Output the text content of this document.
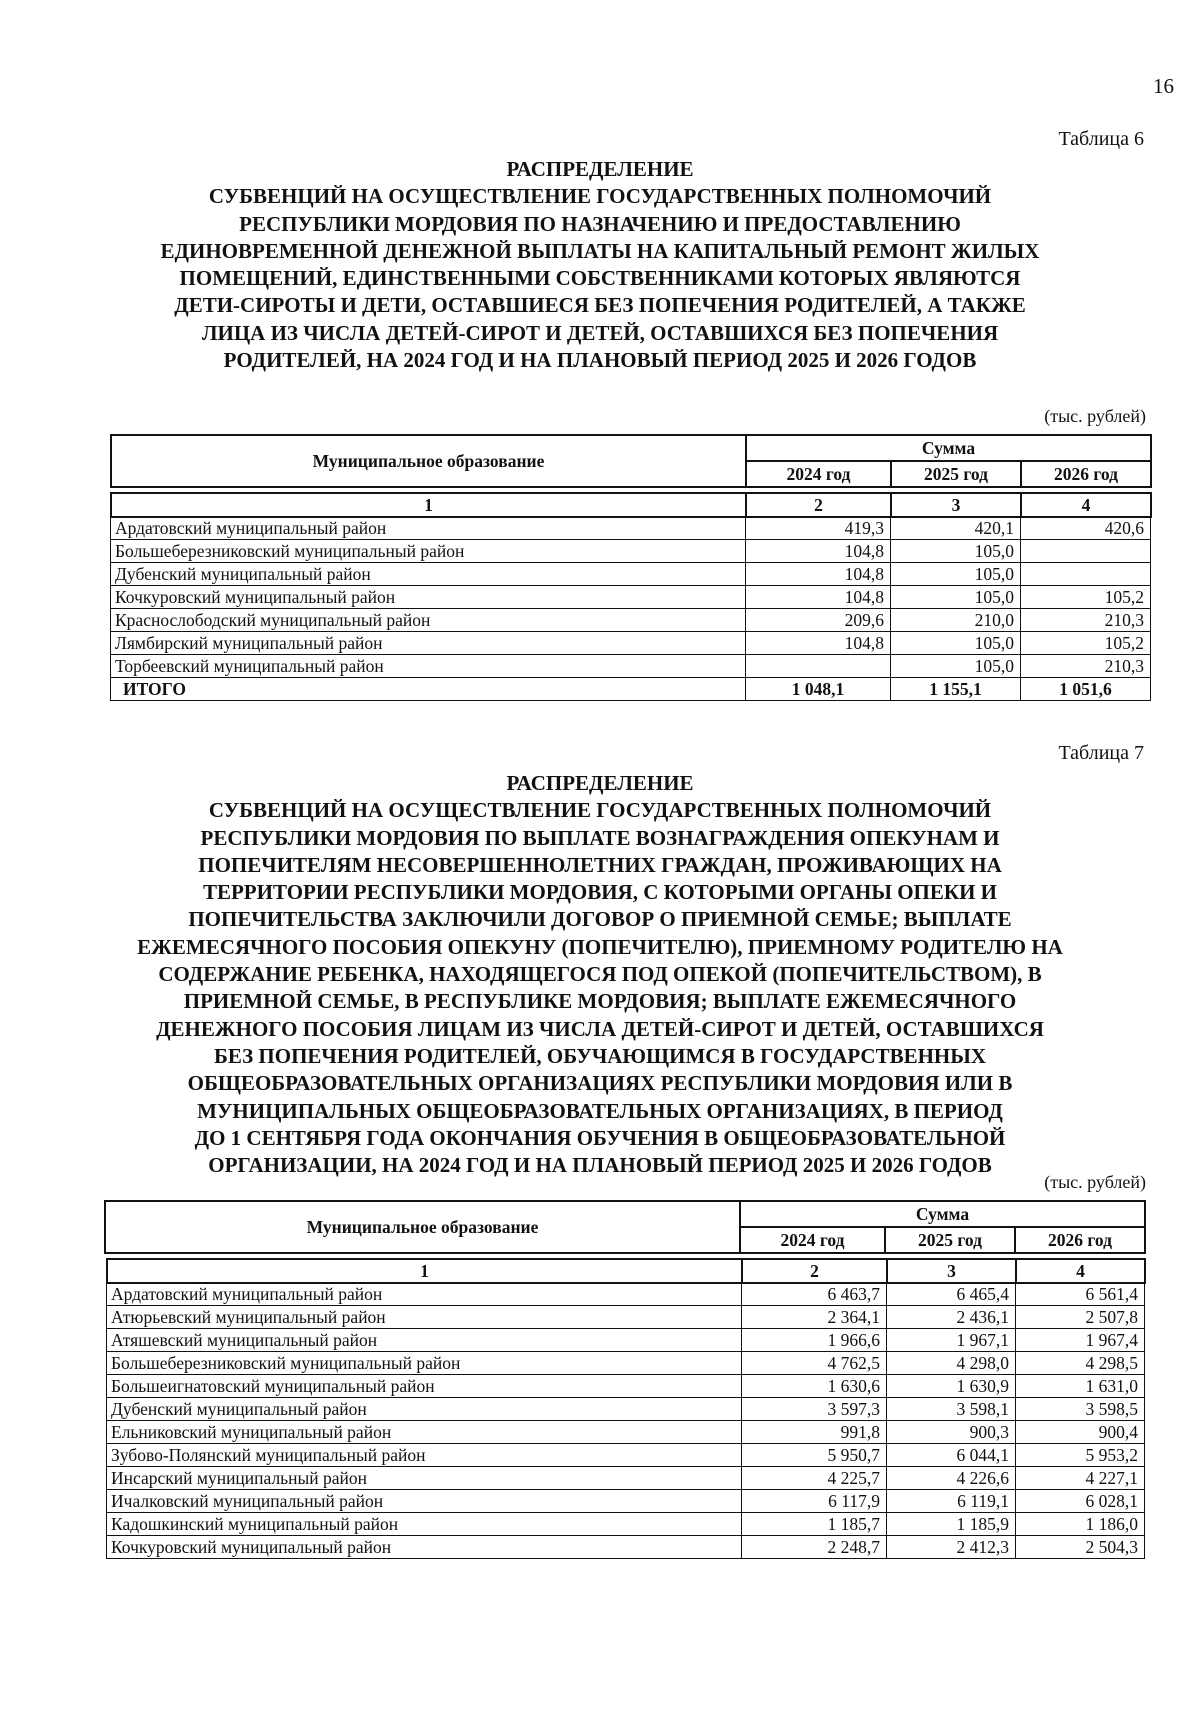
16
Таблица 6
РАСПРЕДЕЛЕНИЕ
СУБВЕНЦИЙ НА ОСУЩЕСТВЛЕНИЕ ГОСУДАРСТВЕННЫХ ПОЛНОМОЧИЙ
РЕСПУБЛИКИ МОРДОВИЯ ПО НАЗНАЧЕНИЮ И ПРЕДОСТАВЛЕНИЮ
ЕДИНОВРЕМЕННОЙ ДЕНЕЖНОЙ ВЫПЛАТЫ НА КАПИТАЛЬНЫЙ РЕМОНТ ЖИЛЫХ
ПОМЕЩЕНИЙ, ЕДИНСТВЕННЫМИ СОБСТВЕННИКАМИ КОТОРЫХ ЯВЛЯЮТСЯ
ДЕТИ-СИРОТЫ И ДЕТИ, ОСТАВШИЕСЯ БЕЗ ПОПЕЧЕНИЯ РОДИТЕЛЕЙ, А ТАКЖЕ
ЛИЦА ИЗ ЧИСЛА ДЕТЕЙ-СИРОТ И ДЕТЕЙ, ОСТАВШИХСЯ БЕЗ ПОПЕЧЕНИЯ
РОДИТЕЛЕЙ, НА 2024 ГОД И НА ПЛАНОВЫЙ ПЕРИОД 2025 И 2026 ГОДОВ
(тыс. рублей)
Муниципальное образование	Сумма		
	2024 год	2025 год	2026 год
1	2	3	4
Ардатовский муниципальный район	419,3	420,1	420,6
Большеберезниковский муниципальный район	104,8	105,0	
Дубенский муниципальный район	104,8	105,0	
Кочкуровский муниципальный район	104,8	105,0	105,2
Краснослободский муниципальный район	209,6	210,0	210,3
Лямбирский муниципальный район	104,8	105,0	105,2
Торбеевский муниципальный район		105,0	210,3
ИТОГО	1 048,1	1 155,1	1 051,6
Таблица 7
РАСПРЕДЕЛЕНИЕ
СУБВЕНЦИЙ НА ОСУЩЕСТВЛЕНИЕ ГОСУДАРСТВЕННЫХ ПОЛНОМОЧИЙ
РЕСПУБЛИКИ МОРДОВИЯ ПО ВЫПЛАТЕ ВОЗНАГРАЖДЕНИЯ ОПЕКУНАМ И
ПОПЕЧИТЕЛЯМ НЕСОВЕРШЕННОЛЕТНИХ ГРАЖДАН, ПРОЖИВАЮЩИХ НА
ТЕРРИТОРИИ РЕСПУБЛИКИ МОРДОВИЯ, С КОТОРЫМИ ОРГАНЫ ОПЕКИ И
ПОПЕЧИТЕЛЬСТВА ЗАКЛЮЧИЛИ ДОГОВОР О ПРИЕМНОЙ СЕМЬЕ; ВЫПЛАТЕ
ЕЖЕМЕСЯЧНОГО ПОСОБИЯ ОПЕКУНУ (ПОПЕЧИТЕЛЮ), ПРИЕМНОМУ РОДИТЕЛЮ НА
СОДЕРЖАНИЕ РЕБЕНКА, НАХОДЯЩЕГОСЯ ПОД ОПЕКОЙ (ПОПЕЧИТЕЛЬСТВОМ), В
ПРИЕМНОЙ СЕМЬЕ, В РЕСПУБЛИКЕ МОРДОВИЯ; ВЫПЛАТЕ ЕЖЕМЕСЯЧНОГО
ДЕНЕЖНОГО ПОСОБИЯ ЛИЦАМ ИЗ ЧИСЛА ДЕТЕЙ-СИРОТ И ДЕТЕЙ, ОСТАВШИХСЯ
БЕЗ ПОПЕЧЕНИЯ РОДИТЕЛЕЙ, ОБУЧАЮЩИМСЯ В ГОСУДАРСТВЕННЫХ
ОБЩЕОБРАЗОВАТЕЛЬНЫХ ОРГАНИЗАЦИЯХ РЕСПУБЛИКИ МОРДОВИЯ ИЛИ В
МУНИЦИПАЛЬНЫХ ОБЩЕОБРАЗОВАТЕЛЬНЫХ ОРГАНИЗАЦИЯХ, В ПЕРИОД
ДО 1 СЕНТЯБРЯ ГОДА ОКОНЧАНИЯ ОБУЧЕНИЯ В ОБЩЕОБРАЗОВАТЕЛЬНОЙ
ОРГАНИЗАЦИИ, НА 2024 ГОД И НА ПЛАНОВЫЙ ПЕРИОД 2025 И 2026 ГОДОВ
(тыс. рублей)
Муниципальное образование	Сумма		
	2024 год	2025 год	2026 год
1	2	3	4
Ардатовский муниципальный район	6 463,7	6 465,4	6 561,4
Атюрьевский муниципальный район	2 364,1	2 436,1	2 507,8
Атяшевский муниципальный район	1 966,6	1 967,1	1 967,4
Большеберезниковский муниципальный район	4 762,5	4 298,0	4 298,5
Большеигнатовский муниципальный район	1 630,6	1 630,9	1 631,0
Дубенский муниципальный район	3 597,3	3 598,1	3 598,5
Ельниковский муниципальный район	991,8	900,3	900,4
Зубово-Полянский муниципальный район	5 950,7	6 044,1	5 953,2
Инсарский муниципальный район	4 225,7	4 226,6	4 227,1
Ичалковский муниципальный район	6 117,9	6 119,1	6 028,1
Кадошкинский муниципальный район	1 185,7	1 185,9	1 186,0
Кочкуровский муниципальный район	2 248,7	2 412,3	2 504,3
